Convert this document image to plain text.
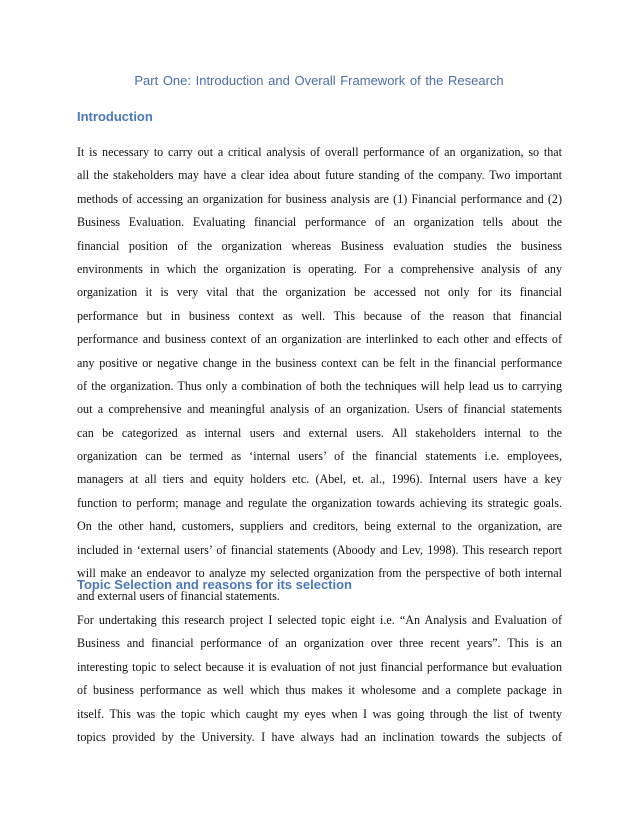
Part One: Introduction and Overall Framework of the Research
Introduction
It is necessary to carry out a critical analysis of overall performance of an organization, so that
all the stakeholders may have a clear idea about future standing of the company. Two important
methods of accessing an organization for business analysis are (1) Financial performance and (2)
Business Evaluation. Evaluating financial performance of an organization tells about the
financial position of the organization whereas Business evaluation studies the business
environments in which the organization is operating. For a comprehensive analysis of any
organization it is very vital that the organization be accessed not only for its financial
performance but in business context as well. This because of the reason that financial
performance and business context of an organization are interlinked to each other and effects of
any positive or negative change in the business context can be felt in the financial performance
of the organization. Thus only a combination of both the techniques will help lead us to carrying
out a comprehensive and meaningful analysis of an organization. Users of financial statements
can be categorized as internal users and external users. All stakeholders internal to the
organization can be termed as ‘internal users’ of the financial statements i.e. employees,
managers at all tiers and equity holders etc. (Abel, et. al., 1996). Internal users have a key
function to perform; manage and regulate the organization towards achieving its strategic goals.
On the other hand, customers, suppliers and creditors, being external to the organization, are
included in ‘external users’ of financial statements (Aboody and Lev, 1998). This research report
will make an endeavor to analyze my selected organization from the perspective of both internal
and external users of financial statements.
Topic Selection and reasons for its selection
For undertaking this research project I selected topic eight i.e. “An Analysis and Evaluation of
Business and financial performance of an organization over three recent years”. This is an
interesting topic to select because it is evaluation of not just financial performance but evaluation
of business performance as well which thus makes it wholesome and a complete package in
itself. This was the topic which caught my eyes when I was going through the list of twenty
topics provided by the University. I have always had an inclination towards the subjects of
